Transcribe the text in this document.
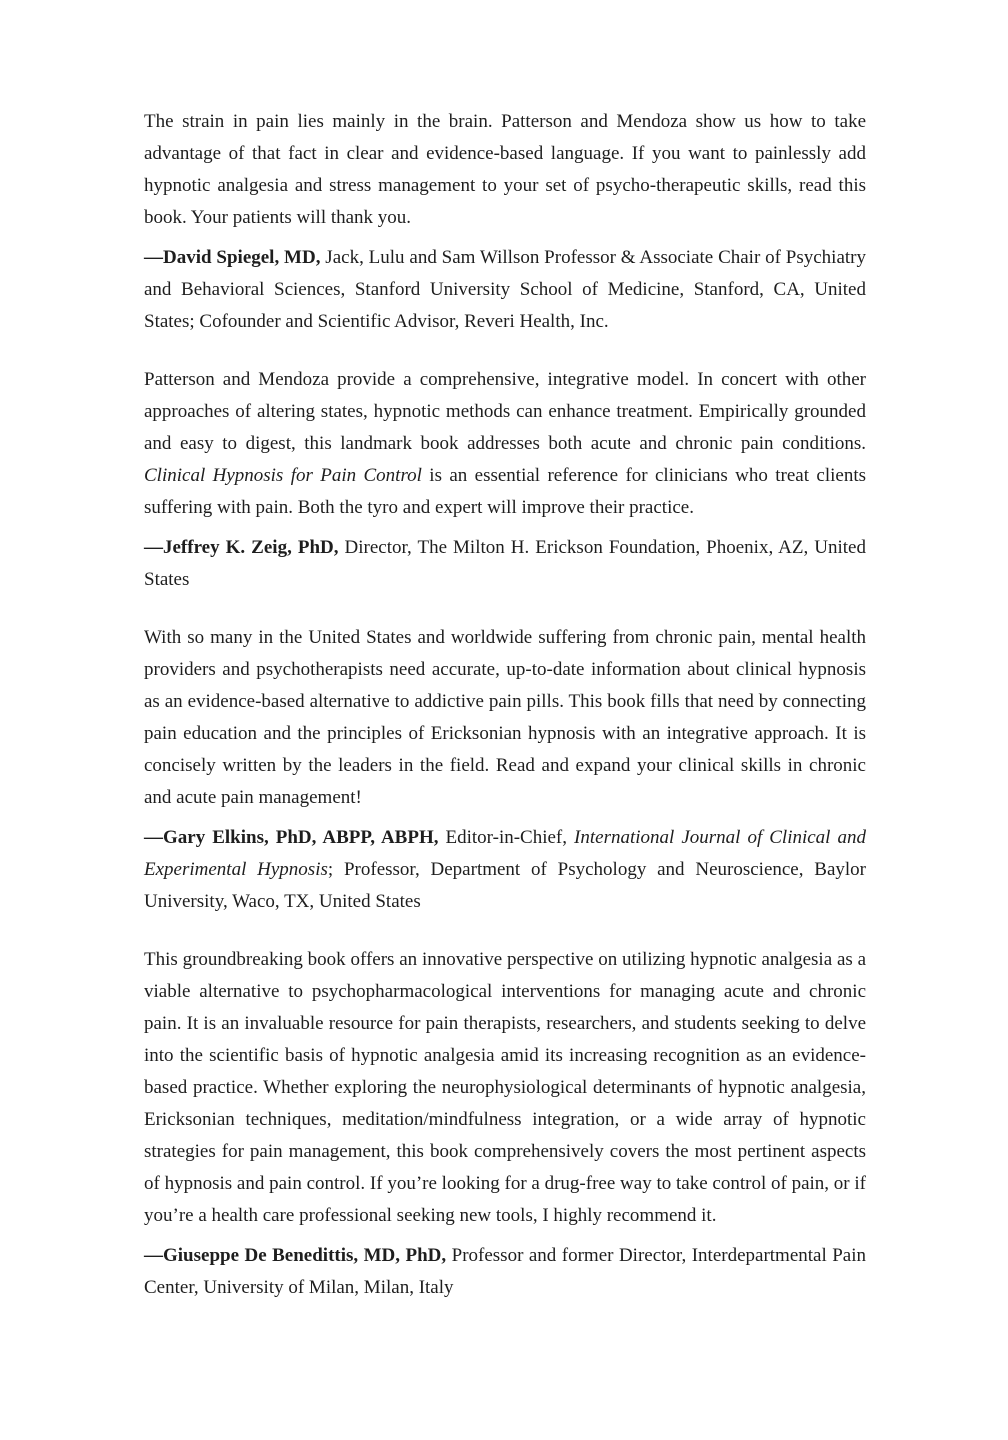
The strain in pain lies mainly in the brain. Patterson and Mendoza show us how to take advantage of that fact in clear and evidence-based language. If you want to painlessly add hypnotic analgesia and stress management to your set of psycho-therapeutic skills, read this book. Your patients will thank you.

—David Spiegel, MD, Jack, Lulu and Sam Willson Professor & Associate Chair of Psychiatry and Behavioral Sciences, Stanford University School of Medicine, Stanford, CA, United States; Cofounder and Scientific Advisor, Reveri Health, Inc.

Patterson and Mendoza provide a comprehensive, integrative model. In concert with other approaches of altering states, hypnotic methods can enhance treatment. Empirically grounded and easy to digest, this landmark book addresses both acute and chronic pain conditions. Clinical Hypnosis for Pain Control is an essential reference for clinicians who treat clients suffering with pain. Both the tyro and expert will improve their practice.

—Jeffrey K. Zeig, PhD, Director, The Milton H. Erickson Foundation, Phoenix, AZ, United States

With so many in the United States and worldwide suffering from chronic pain, mental health providers and psychotherapists need accurate, up-to-date information about clinical hypnosis as an evidence-based alternative to addictive pain pills. This book fills that need by connecting pain education and the principles of Ericksonian hypnosis with an integrative approach. It is concisely written by the leaders in the field. Read and expand your clinical skills in chronic and acute pain management!

—Gary Elkins, PhD, ABPP, ABPH, Editor-in-Chief, International Journal of Clinical and Experimental Hypnosis; Professor, Department of Psychology and Neuroscience, Baylor University, Waco, TX, United States

This groundbreaking book offers an innovative perspective on utilizing hypnotic analgesia as a viable alternative to psychopharmacological interventions for managing acute and chronic pain. It is an invaluable resource for pain therapists, researchers, and students seeking to delve into the scientific basis of hypnotic analgesia amid its increasing recognition as an evidence-based practice. Whether exploring the neurophysiological determinants of hypnotic analgesia, Ericksonian techniques, meditation/mindfulness integration, or a wide array of hypnotic strategies for pain management, this book comprehensively covers the most pertinent aspects of hypnosis and pain control. If you’re looking for a drug-free way to take control of pain, or if you’re a health care professional seeking new tools, I highly recommend it.

—Giuseppe De Benedittis, MD, PhD, Professor and former Director, Interdepartmental Pain Center, University of Milan, Milan, Italy
